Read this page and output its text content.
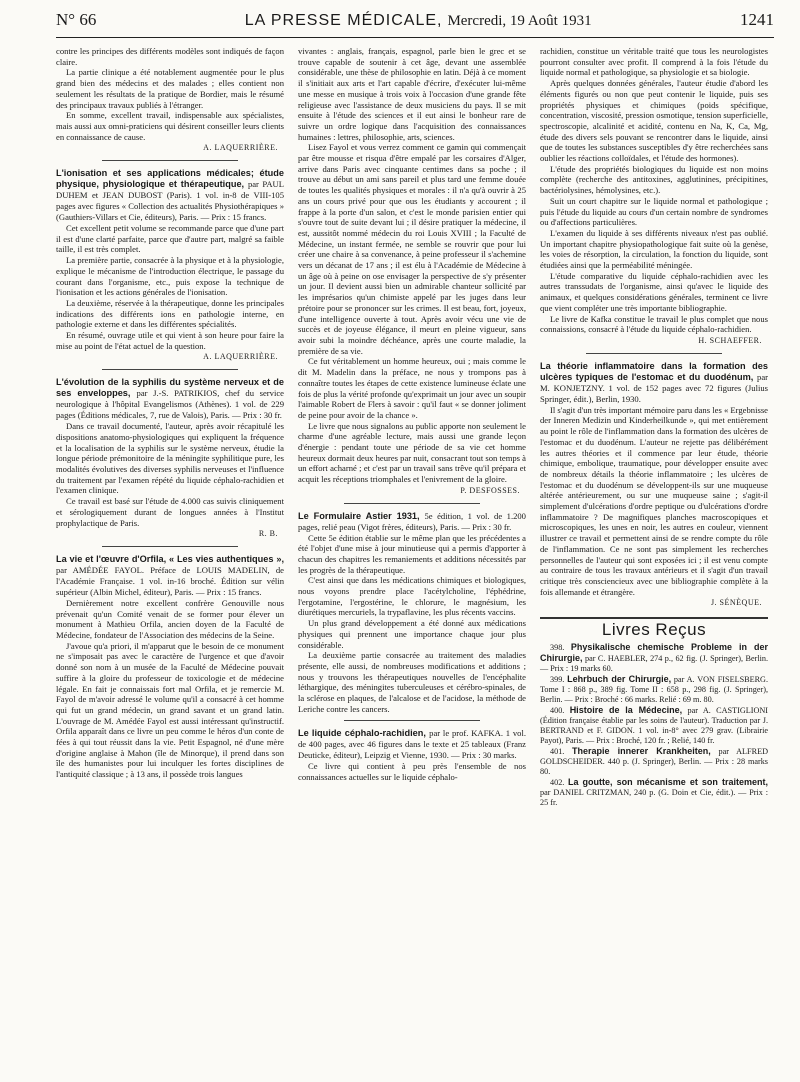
N° 66	LA PRESSE MÉDICALE, Mercredi, 19 Août 1931	1241

contre les principes des différents modèles sont indiqués de façon claire.

La partie clinique a été notablement augmentée pour le plus grand bien des médecins et des malades ; elles contient non seulement les résultats de la pratique de Bordier, mais le résumé des principaux travaux publiés à l'étranger.

En somme, excellent travail, indispensable aux spécialistes, mais aussi aux omni-praticiens qui désirent conseiller leurs clients en connaissance de cause.

A. LAQUERRIÈRE.

L'ionisation et ses applications médicales; étude physique, physiologique et thérapeutique, par PAUL DUHEM et JEAN DUBOST (Paris). 1 vol. in-8 de VIII-105 pages avec figures « Collection des actualités Physiothérapiques » (Gauthiers-Villars et Cie, éditeurs), Paris. — Prix : 15 francs.

Cet excellent petit volume se recommande parce que d'une part il est d'une clarté parfaite, parce que d'autre part, malgré sa faible taille, il est très complet.

La première partie, consacrée à la physique et à la physiologie, explique le mécanisme de l'introduction électrique, le passage du courant dans l'organisme, etc., puis expose la technique de l'ionisation et les actions générales de l'ionisation.

La deuxième, réservée à la thérapeutique, donne les principales indications des différents ions en pathologie interne, en pathologie externe et dans les différentes spécialités.

En résumé, ouvrage utile et qui vient à son heure pour faire la mise au point de l'état actuel de la question.

A. LAQUERRIÈRE.

L'évolution de la syphilis du système nerveux et de ses enveloppes, par J.-S. PATRIKIOS, chef du service neurologique à l'hôpital Evangelismos (Athènes). 1 vol. de 229 pages (Éditions médicales, 7, rue de Valois), Paris. — Prix : 30 fr.

Dans ce travail documenté, l'auteur, après avoir récapitulé les dispositions anatomo-physiologiques qui expliquent la fréquence et la localisation de la syphilis sur le système nerveux, étudie la longue période prémonitoire de la méningite syphilitique pure, les modalités évolutives des diverses syphilis nerveuses et l'influence du traitement par l'examen répété du liquide céphalo-rachidien et l'examen clinique.

Ce travail est basé sur l'étude de 4.000 cas suivis cliniquement et sérologiquement durant de longues années à l'Institut prophylactique de Paris.

R. B.

La vie et l'œuvre d'Orfila, « Les vies authentiques », par AMÉDÉE FAYOL. Préface de LOUIS MADELIN, de l'Académie Française. 1 vol. in-16 broché. Édition sur vélin supérieur (Albin Michel, éditeur), Paris. — Prix : 15 francs.

Dernièrement notre excellent confrère Genouville nous prévenait qu'un Comité venait de se former pour élever un monument à Mathieu Orfila, ancien doyen de la Faculté de Médecine, fondateur de l'Association des médecins de la Seine.

J'avoue qu'a priori, il m'apparut que le besoin de ce monument ne s'imposait pas avec le caractère de l'urgence et que d'avoir donné son nom à un musée de la Faculté de Médecine pouvait suffire à la gloire du professeur de toxicologie et de médecine légale. En fait je connaissais fort mal Orfila, et je remercie M. Fayol de m'avoir adressé le volume qu'il a consacré à cet homme qui fut un grand médecin, un grand savant et un grand latin. L'ouvrage de M. Amédée Fayol est aussi intéressant qu'instructif. Orfila apparaît dans ce livre un peu comme le héros d'un conte de fées à qui tout réussit dans la vie. Petit Espagnol, né d'une mère d'origine anglaise à Mahon (île de Minorque), il prend dans son île des humanistes pour lui inculquer les fortes disciplines de l'antiquité classique ; à 13 ans, il possède trois langues

vivantes : anglais, français, espagnol, parle bien le grec et se trouve capable de soutenir à cet âge, devant une assemblée considérable, une thèse de philosophie en latin. Déjà à ce moment il s'initiait aux arts et l'art capable d'écrire, d'exécuter lui-même une messe en musique à trois voix à l'occasion d'une grande fête religieuse avec l'assistance de deux musiciens du pays. Il se mit ensuite à l'étude des sciences et il eut ainsi le bonheur rare de suivre un ordre logique dans l'acquisition des connaissances humaines : lettres, philosophie, arts, sciences.

Lisez Fayol et vous verrez comment ce gamin qui commençait par être mousse et risqua d'être empalé par les corsaires d'Alger, arrive dans Paris avec cinquante centimes dans sa poche ; il trouve au début un ami sans pareil et plus tard une femme douée de toutes les qualités physiques et morales : il n'a qu'à ouvrir à 25 ans un cours privé pour que ous les étudiants y accourent ; il frappe à la porte d'un salon, et c'est le monde parisien entier qui s'ouvre tout de suite devant lui ; il désire pratiquer la médecine, il est, aussitôt nommé médecin du roi Louis XVIII ; la Faculté de Médecine, un instant fermée, ne semble se rouvrir que pour lui créer une chaire à sa convenance, à peine professeur il s'achemine vers un décanat de 17 ans ; il est élu à l'Académie de Médecine à un âge où à peine on ose envisager la perspective de s'y présenter un jour. Il devient aussi bien un admirable chanteur sollicité par les imprésarios qu'un chimiste appelé par les juges dans leur prétoire pour se prononcer sur les crimes. Il est beau, fort, joyeux, d'une intelligence ouverte à tout. Après avoir vécu une vie de succès et de joyeuse élégance, il meurt en pleine vigueur, sans avoir subi la moindre déchéance, après une courte maladie, la première de sa vie.

Ce fut véritablement un homme heureux, oui ; mais comme le dit M. Madelin dans la préface, ne nous y trompons pas à connaître toutes les étapes de cette existence lumineuse éclate une fois de plus la vérité profonde qu'exprimait un jour avec un soupir l'aimable Robert de Flers à savoir : qu'il faut « se donner joliment de peine pour avoir de la chance ».

Le livre que nous signalons au public apporte non seulement le charme d'une agréable lecture, mais aussi une grande leçon d'énergie : pendant toute une période de sa vie cet homme heureux dormait deux heures par nuit, consacrant tout son temps à un effort acharné ; et c'est par un travail sans trêve qu'il prépara et acquit les réceptions triomphales et l'enivrement de la gloire.

P. DESFOSSES.

Le Formulaire Astier 1931, 5e édition, 1 vol. de 1.200 pages, relié peau (Vigot frères, éditeurs), Paris. — Prix : 30 fr.

Cette 5e édition établie sur le même plan que les précédentes a été l'objet d'une mise à jour minutieuse qui a permis d'apporter à chacun des chapitres les remaniements et additions nécessités par les progrès de la thérapeutique.

C'est ainsi que dans les médications chimiques et biologiques, nous voyons prendre place l'acétylcholine, l'éphédrine, l'ergotamine, l'ergostérine, le chlorure, le magnésium, les diurétiques mercuriels, la trypaflavine, les plus récents vaccins.

Un plus grand développement a été donné aux médications physiques qui prennent une importance chaque jour plus considérable.

La deuxième partie consacrée au traitement des maladies présente, elle aussi, de nombreuses modifications et additions ; nous y trouvons les thérapeutiques nouvelles de l'encéphalite léthargique, des méningites tuberculeuses et cérébro-spinales, de la sclérose en plaques, de l'alcalose et de l'acidose, la méthode de Leriche contre les cancers.

Le liquide céphalo-rachidien, par le prof. KAFKA. 1 vol. de 400 pages, avec 46 figures dans le texte et 25 tableaux (Franz Deuticke, éditeur), Leipzig et Vienne, 1930. — Prix : 30 marks.

Ce livre qui contient à peu près l'ensemble de nos connaissances actuelles sur le liquide céphalo-

rachidien, constitue un véritable traité que tous les neurologistes pourront consulter avec profit. Il comprend à la fois l'étude du liquide normal et pathologique, sa physiologie et sa biologie.

Après quelques données générales, l'auteur étudie d'abord les éléments figurés ou non que peut contenir le liquide, puis ses propriétés physiques et chimiques (poids spécifique, concentration, viscosité, pression osmotique, tension superficielle, spectroscopie, alcalinité et acidité, contenu en Na, K, Ca, Mg, étude des divers sels pouvant se rencontrer dans le liquide, ainsi que de toutes les substances susceptibles d'y être recherchées sans oublier les réactions colloïdales, et l'étude des hormones).

L'étude des propriétés biologiques du liquide est non moins complète (recherche des antitoxines, agglutinines, précipitines, bactériolysines, hémolysines, etc.).

Suit un court chapitre sur le liquide normal et pathologique ; puis l'étude du liquide au cours d'un certain nombre de syndromes ou d'affections particulières.

L'examen du liquide à ses différents niveaux n'est pas oublié. Un important chapitre physiopathologique fait suite où la genèse, les voies de résorption, la circulation, la fonction du liquide, sont étudiées ainsi que la perméabilité méningée.

L'étude comparative du liquide céphalo-rachidien avec les autres transsudats de l'organisme, ainsi qu'avec le liquide des animaux, et quelques considérations générales, terminent ce livre que vient compléter une très importante bibliographie.

Le livre de Kafka constitue le travail le plus complet que nous connaissions, consacré à l'étude du liquide céphalo-rachidien.

H. SCHAEFFER.

La théorie inflammatoire dans la formation des ulcères typiques de l'estomac et du duodénum, par M. KONJETZNY. 1 vol. de 152 pages avec 72 figures (Julius Springer, édit.), Berlin, 1930.

Il s'agit d'un très important mémoire paru dans les « Ergebnisse der Inneren Medizin und Kinderheilkunde », qui met entièrement au point le rôle de l'inflammation dans la formation des ulcères de l'estomac et du duodénum. L'auteur ne rejette pas délibérément les autres théories et il commence par leur étude, théorie chimique, embolique, traumatique, pour développer ensuite avec de nombreux détails la théorie inflammatoire ; les ulcères de l'estomac et du duodénum se développent-ils sur une muqueuse altérée antérieurement, ou sur une muqueuse saine ; s'agit-il simplement d'ulcérations d'ordre peptique ou d'ulcérations d'ordre inflammatoire ? De magnifiques planches macroscopiques et microscopiques, les unes en noir, les autres en couleur, viennent illustrer ce travail et permettent ainsi de se rendre compte du rôle de l'inflammation. Ce ne sont pas simplement les recherches personnelles de l'auteur qui sont exposées ici ; il est venu compte au contraire de tous les travaux antérieurs et il s'agit d'un travail critique très consciencieux avec une bibliographie complète à la fois allemande et étrangère.

J. SÉNÈQUE.
Livres Reçus

398. Physikalische chemische Probleme in der Chirurgie, par C. HAEBLER, 274 p., 62 fig. (J. Springer), Berlin. — Prix : 19 marks 60.

399. Lehrbuch der Chirurgie, par A. VON FISELSBERG. Tome I : 868 p., 389 fig. Tome II : 658 p., 298 fig. (J. Springer), Berlin. — Prix : Broché : 66 marks. Relié : 69 m. 80.

400. Histoire de la Médecine, par A. CASTIGLIONI (Édition française établie par les soins de l'auteur). Traduction par J. BERTRAND et F. GIDON. 1 vol. in-8° avec 279 grav. (Librairie Payot), Paris. — Prix : Broché, 120 fr. ; Relié, 140 fr.

401. Therapie innerer Krankheiten, par ALFRED GOLDSCHEIDER. 440 p. (J. Springer), Berlin. — Prix : 28 marks 80.

402. La goutte, son mécanisme et son traitement, par DANIEL CRITZMAN, 240 p. (G. Doin et Cie, édit.). — Prix : 25 fr.
